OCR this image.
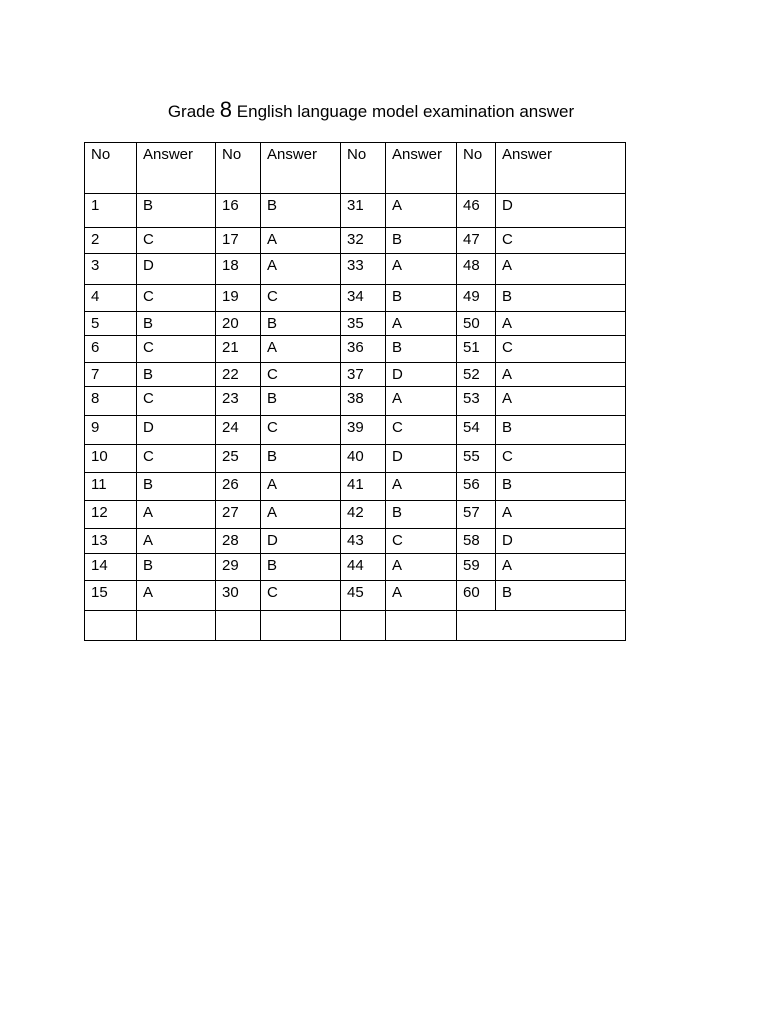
Grade 8 English language model examination answer
No	Answer	No	Answer	No	Answer	No	Answer
1	B	16	B	31	A	46	D
2	C	17	A	32	B	47	C
3	D	18	A	33	A	48	A
4	C	19	C	34	B	49	B
5	B	20	B	35	A	50	A
6	C	21	A	36	B	51	C
7	B	22	C	37	D	52	A
8	C	23	B	38	A	53	A
9	D	24	C	39	C	54	B
10	C	25	B	40	D	55	C
11	B	26	A	41	A	56	B
12	A	27	A	42	B	57	A
13	A	28	D	43	C	58	D
14	B	29	B	44	A	59	A
15	A	30	C	45	A	60	B
